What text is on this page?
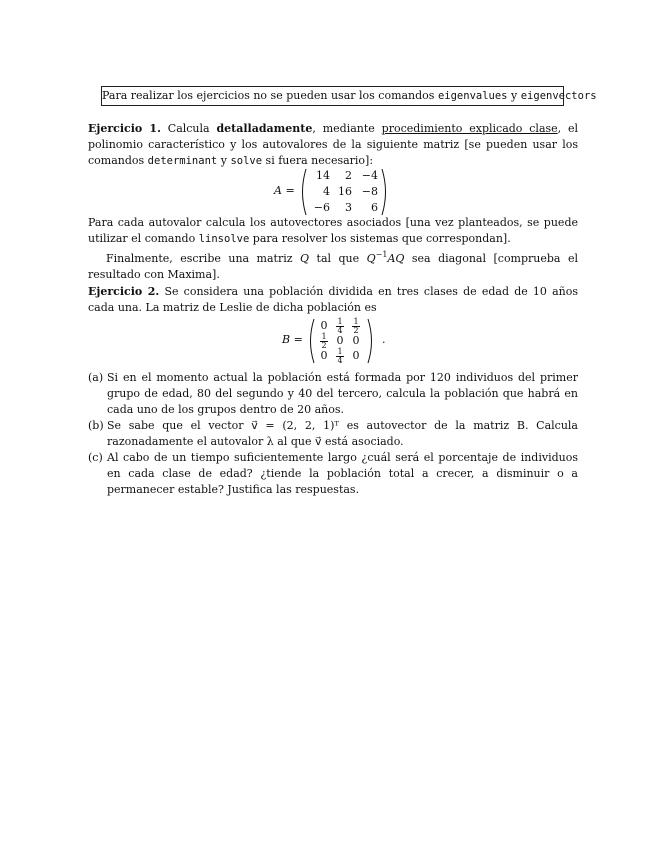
Para realizar los ejercicios no se pueden usar los comandos eigenvalues y eigenvectors

Ejercicio 1. Calcula detalladamente, mediante procedimiento explicado clase, el polinomio característico y los autovalores de la siguiente matriz [se pueden usar los comandos determinant y solve si fuera necesario]:

A =
14	2 −4
4 16 −8
−6	3	6

Para cada autovalor calcula los autovectores asociados [una vez planteados, se puede utilizar el comando linsolve para resolver los sistemas que correspondan].

Finalmente, escribe una matriz Q tal que $Q^{-1}AQ$ sea diagonal [comprueba el resultado con Maxima].

Ejercicio 2. Se considera una población dividida en tres clases de edad de 10 años cada una. La matriz de Leslie de dicha población es

B =
$0 \frac{1}{4} \frac{1}{2}$
$\frac{1}{2} 0$ 0
$0 \frac{1}{4} 0$
.
(a) Si en el momento actual la población está formada por 120 individuos del primer grupo de edad, 80 del segundo y 40 del tercero, calcula la población que habrá en cada uno de los grupos dentro de 20 años.
(b) Se sabe que el vector v⃗ = (2, 2, 1)ᵀ es autovector de la matriz B. Calcula razonadamente el autovalor λ al que v⃗ está asociado.
(c) Al cabo de un tiempo suficientemente largo ¿cuál será el porcentaje de individuos en cada clase de edad? ¿tiende la población total a crecer, a disminuir o a permanecer estable? Justifica las respuestas.
